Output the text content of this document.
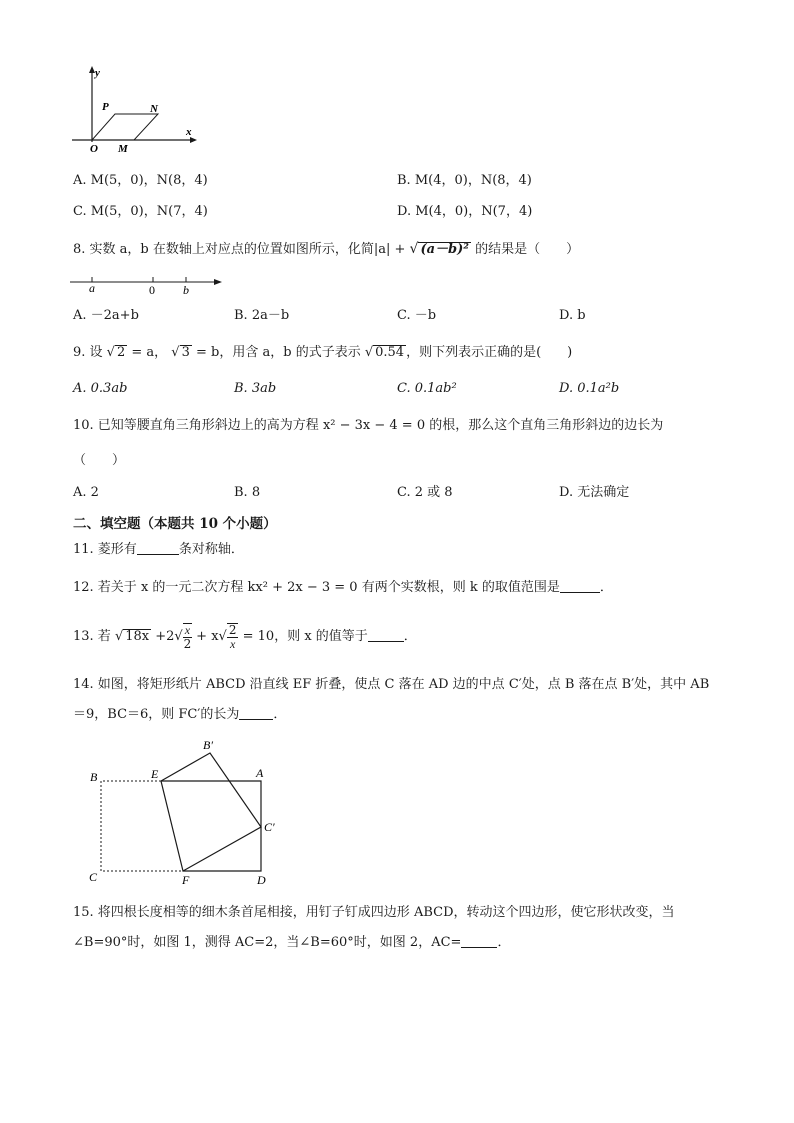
y
x
O
P	N
M
A. M(5，0)，N(8，4)	B. M(4，0)，N(8，4)
C. M(5，0)，N(7，4)	D. M(4，0)，N(7，4)
8. 实数 a，b 在数轴上对应点的位置如图所示，化简|a| + √ (a－b)² 的结果是（　　）
a	0 b
A. －2a+b	B. 2a－b	C. －b	D. b
9. 设 √ 2 = a， √ 3 = b，用含 a，b 的式子表示 √ 0.54 ，则下列表示正确的是(　　)
A. 0.3ab	B. 3ab	C. 0.1ab²	D. 0.1a²b
10. 已知等腰直角三角形斜边上的高为方程 x² − 3x − 4 = 0 的根，那么这个直角三角形斜边的边长为
（　　）
A. 2	B. 8	C. 2 或 8	D. 无法确定
二、填空题（本题共 10 个小题）
11. 菱形有	条对称轴．
12. 若关于 x 的一元二次方程 kx² + 2x − 3 = 0 有两个实数根，则 k 的取值范围是	．
13. 若 √ $18x +2√ \frac{x}{2} + x√ \frac{2}{x} = 10$，则 x 的值等于	．
14. 如图，将矩形纸片 ABCD 沿直线 EF 折叠，使点 C 落在 AD 边的中点 C′处，点 B 落在点 B′处，其中 AB
＝9，BC＝6，则 FC′的长为	．
B′
B	E	A
C′
C	F	D
15. 将四根长度相等的细木条首尾相接，用钉子钉成四边形 ABCD，转动这个四边形，使它形状改变，当
∠B=90°时，如图 1，测得 AC=2，当∠B=60°时，如图 2，AC=	．
